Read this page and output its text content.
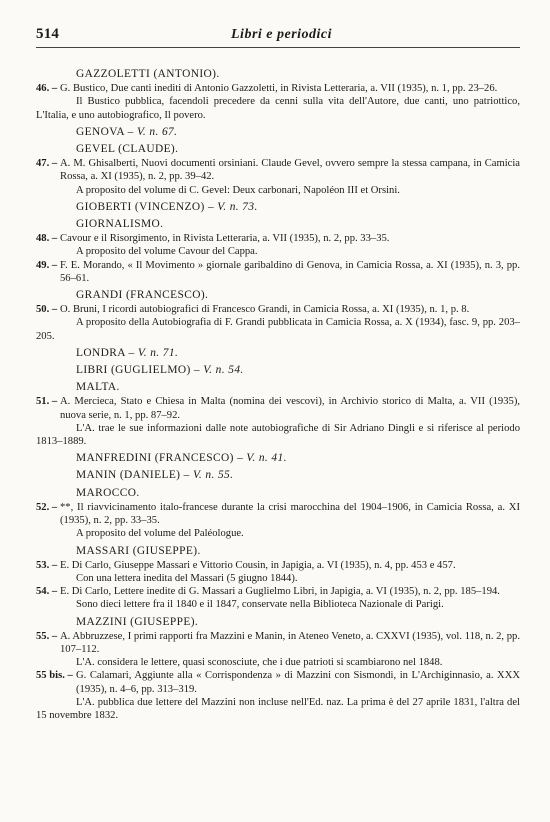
514	Libri e periodici
GAZZOLETTI (ANTONIO).
46. – G. Bustico, Due canti inediti di Antonio Gazzoletti, in Rivista Letteraria, a. VII (1935), n. 1, pp. 23–26.
Il Bustico pubblica, facendoli precedere da cenni sulla vita dell'Autore, due canti, uno patriottico, L'Italia, e uno autobiografico, Il povero.
GENOVA – V. n. 67.
GEVEL (CLAUDE).
47. – A. M. Ghisalberti, Nuovi documenti orsiniani. Claude Gevel, ovvero sempre la stessa campana, in Camicia Rossa, a. XI (1935), n. 2, pp. 39–42.
A proposito del volume di C. Gevel: Deux carbonari, Napoléon III et Orsini.
GIOBERTI (VINCENZO) – V. n. 73.
GIORNALISMO.
48. – Cavour e il Risorgimento, in Rivista Letteraria, a. VII (1935), n. 2, pp. 33–35.
A proposito del volume Cavour del Cappa.
49. – F. E. Morando, « Il Movimento » giornale garibaldino di Genova, in Camicia Rossa, a. XI (1935), n. 3, pp. 56–61.
GRANDI (FRANCESCO).
50. – O. Bruni, I ricordi autobiografici di Francesco Grandi, in Camicia Rossa, a. XI (1935), n. 1, p. 8.
A proposito della Autobiografia di F. Grandi pubblicata in Camicia Rossa, a. X (1934), fasc. 9, pp. 203–205.
LONDRA – V. n. 71.
LIBRI (GUGLIELMO) – V. n. 54.
MALTA.
51. – A. Mercieca, Stato e Chiesa in Malta (nomina dei vescovi), in Archivio storico di Malta, a. VII (1935), nuova serie, n. 1, pp. 87–92.
L'A. trae le sue informazioni dalle note autobiografiche di Sir Adriano Dingli e si riferisce al periodo 1813–1889.
MANFREDINI (FRANCESCO) – V. n. 41.
MANIN (DANIELE) – V. n. 55.
MAROCCO.
52. – **, Il riavvicinamento italo-francese durante la crisi marocchina del 1904–1906, in Camicia Rossa, a. XI (1935), n. 2, pp. 33–35.
A proposito del volume del Paléologue.
MASSARI (GIUSEPPE).
53. – E. Di Carlo, Giuseppe Massari e Vittorio Cousin, in Japigia, a. VI (1935), n. 4, pp. 453 e 457.
Con una lettera inedita del Massari (5 giugno 1844).
54. – E. Di Carlo, Lettere inedite di G. Massari a Guglielmo Libri, in Japigia, a. VI (1935), n. 2, pp. 185–194.
Sono dieci lettere fra il 1840 e il 1847, conservate nella Biblioteca Nazionale di Parigi.
MAZZINI (GIUSEPPE).
55. – A. Abbruzzese, I primi rapporti fra Mazzini e Manin, in Ateneo Veneto, a. CXXVI (1935), vol. 118, n. 2, pp. 107–112.
L'A. considera le lettere, quasi sconosciute, che i due patrioti si scambiarono nel 1848.
55 bis. – G. Calamari, Aggiunte alla « Corrispondenza » di Mazzini con Sismondi, in L'Archiginnasio, a. XXX (1935), n. 4–6, pp. 313–319.
L'A. pubblica due lettere del Mazzini non incluse nell'Ed. naz. La prima è del 27 aprile 1831, l'altra del 15 novembre 1832.
